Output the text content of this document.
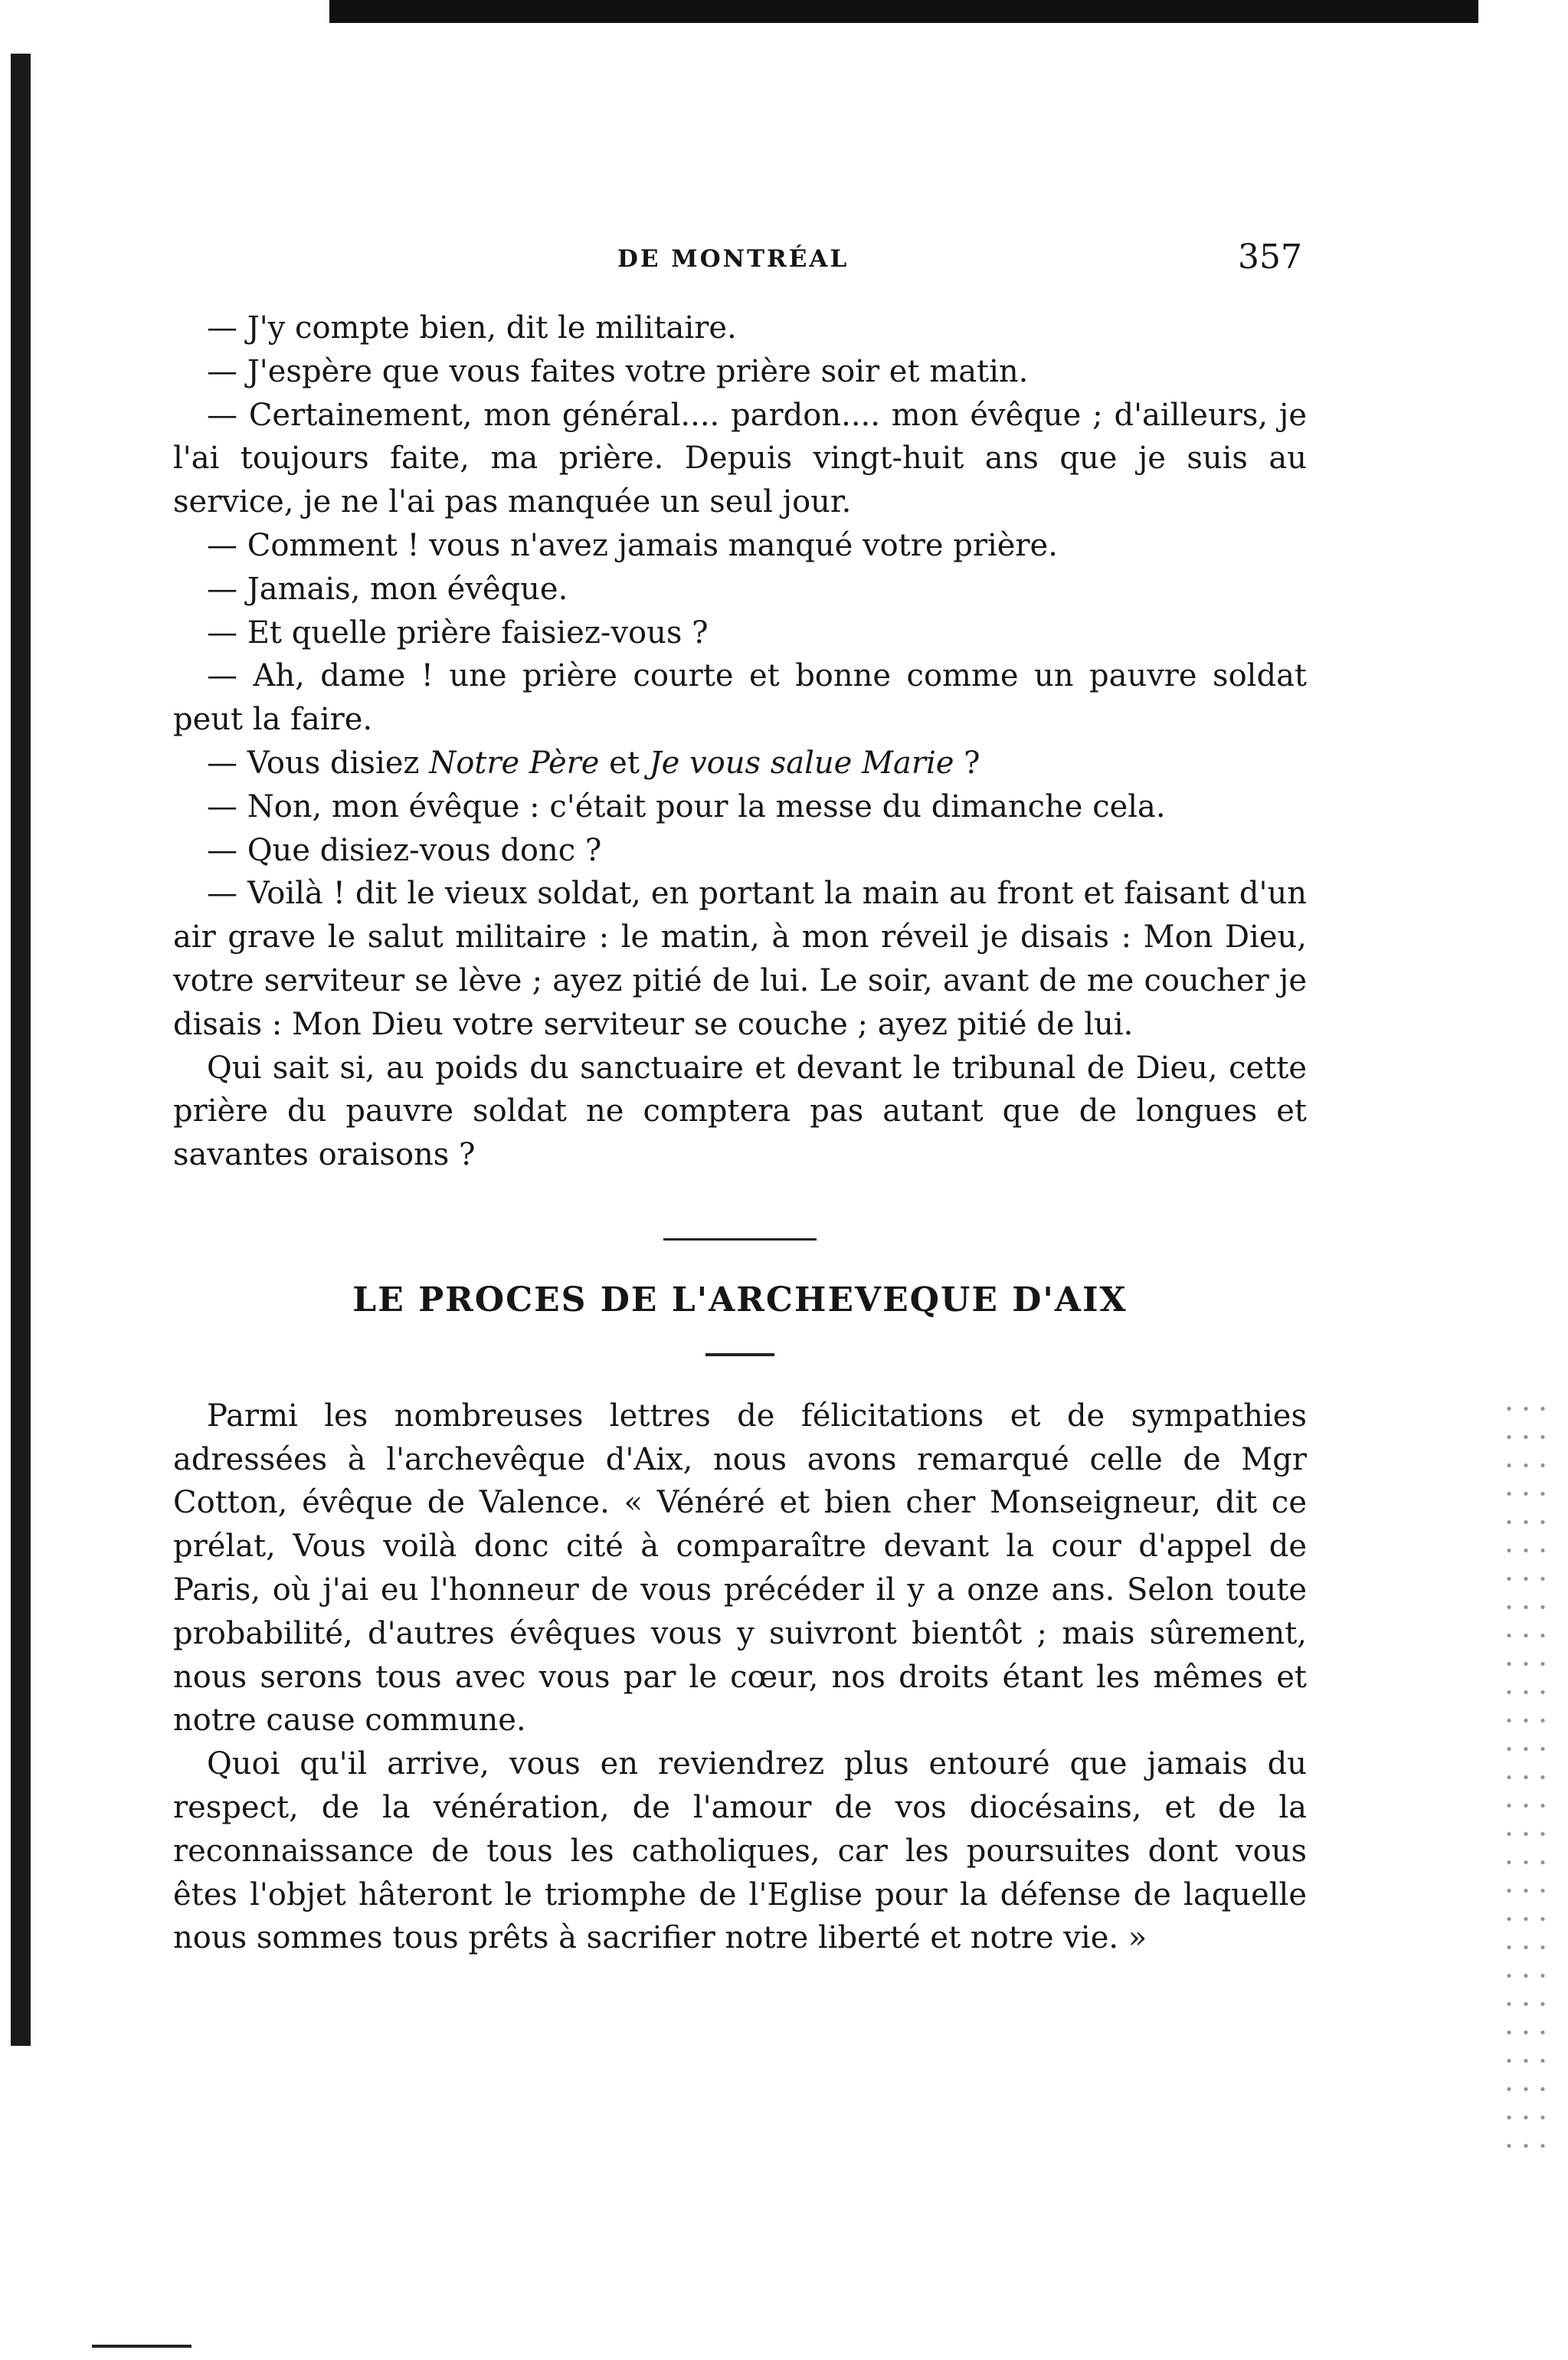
DE MONTRÉAL	357

— J'y compte bien, dit le militaire.

— J'espère que vous faites votre prière soir et matin.

— Certainement, mon général.... pardon.... mon évêque ; d'ailleurs, je l'ai toujours faite, ma prière. Depuis vingt-huit ans que je suis au service, je ne l'ai pas manquée un seul jour.

— Comment ! vous n'avez jamais manqué votre prière.

— Jamais, mon évêque.

— Et quelle prière faisiez-vous ?

— Ah, dame ! une prière courte et bonne comme un pauvre soldat peut la faire.

— Vous disiez Notre Père et Je vous salue Marie ?

— Non, mon évêque : c'était pour la messe du dimanche cela.

— Que disiez-vous donc ?

— Voilà ! dit le vieux soldat, en portant la main au front et faisant d'un air grave le salut militaire : le matin, à mon réveil je disais : Mon Dieu, votre serviteur se lève ; ayez pitié de lui. Le soir, avant de me coucher je disais : Mon Dieu votre serviteur se couche ; ayez pitié de lui.

Qui sait si, au poids du sanctuaire et devant le tribunal de Dieu, cette prière du pauvre soldat ne comptera pas autant que de longues et savantes oraisons ?

LE PROCES DE L'ARCHEVEQUE D'AIX

Parmi les nombreuses lettres de félicitations et de sympathies adressées à l'archevêque d'Aix, nous avons remarqué celle de Mgr Cotton, évêque de Valence. « Vénéré et bien cher Monseigneur, dit ce prélat, Vous voilà donc cité à comparaître devant la cour d'appel de Paris, où j'ai eu l'honneur de vous précéder il y a onze ans. Selon toute probabilité, d'autres évêques vous y suivront bientôt ; mais sûrement, nous serons tous avec vous par le cœur, nos droits étant les mêmes et notre cause commune.

Quoi qu'il arrive, vous en reviendrez plus entouré que jamais du respect, de la vénération, de l'amour de vos diocésains, et de la reconnaissance de tous les catholiques, car les poursuites dont vous êtes l'objet hâteront le triomphe de l'Eglise pour la défense de laquelle nous sommes tous prêts à sacrifier notre liberté et notre vie. »
